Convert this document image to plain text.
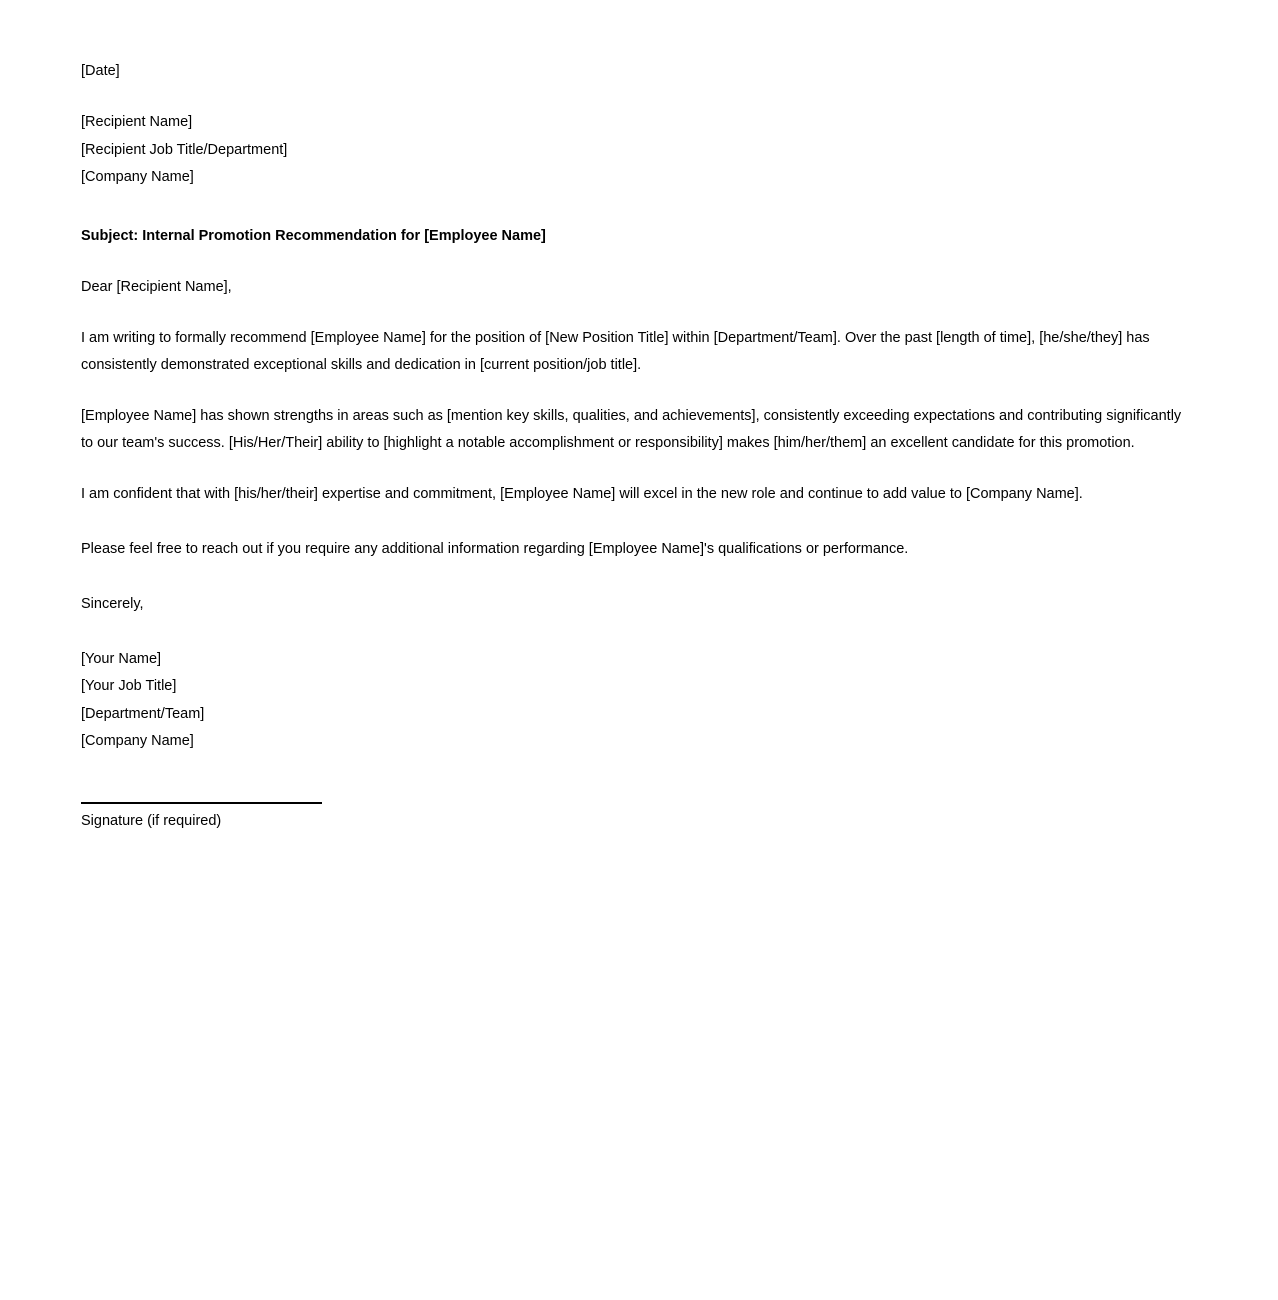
[Date]
[Recipient Name]
[Recipient Job Title/Department]
[Company Name]
Subject: Internal Promotion Recommendation for [Employee Name]
Dear [Recipient Name],

I am writing to formally recommend [Employee Name] for the position of [New Position Title] within [Department/Team]. Over the past [length of time], [he/she/they] has consistently demonstrated exceptional skills and dedication in [current position/job title].

[Employee Name] has shown strengths in areas such as [mention key skills, qualities, and achievements], consistently exceeding expectations and contributing significantly to our team's success. [His/Her/Their] ability to [highlight a notable accomplishment or responsibility] makes [him/her/them] an excellent candidate for this promotion.

I am confident that with [his/her/their] expertise and commitment, [Employee Name] will excel in the new role and continue to add value to [Company Name].

Please feel free to reach out if you require any additional information regarding [Employee Name]'s qualifications or performance.

Sincerely,
[Your Name]
[Your Job Title]
[Department/Team]
[Company Name]
Signature (if required)
